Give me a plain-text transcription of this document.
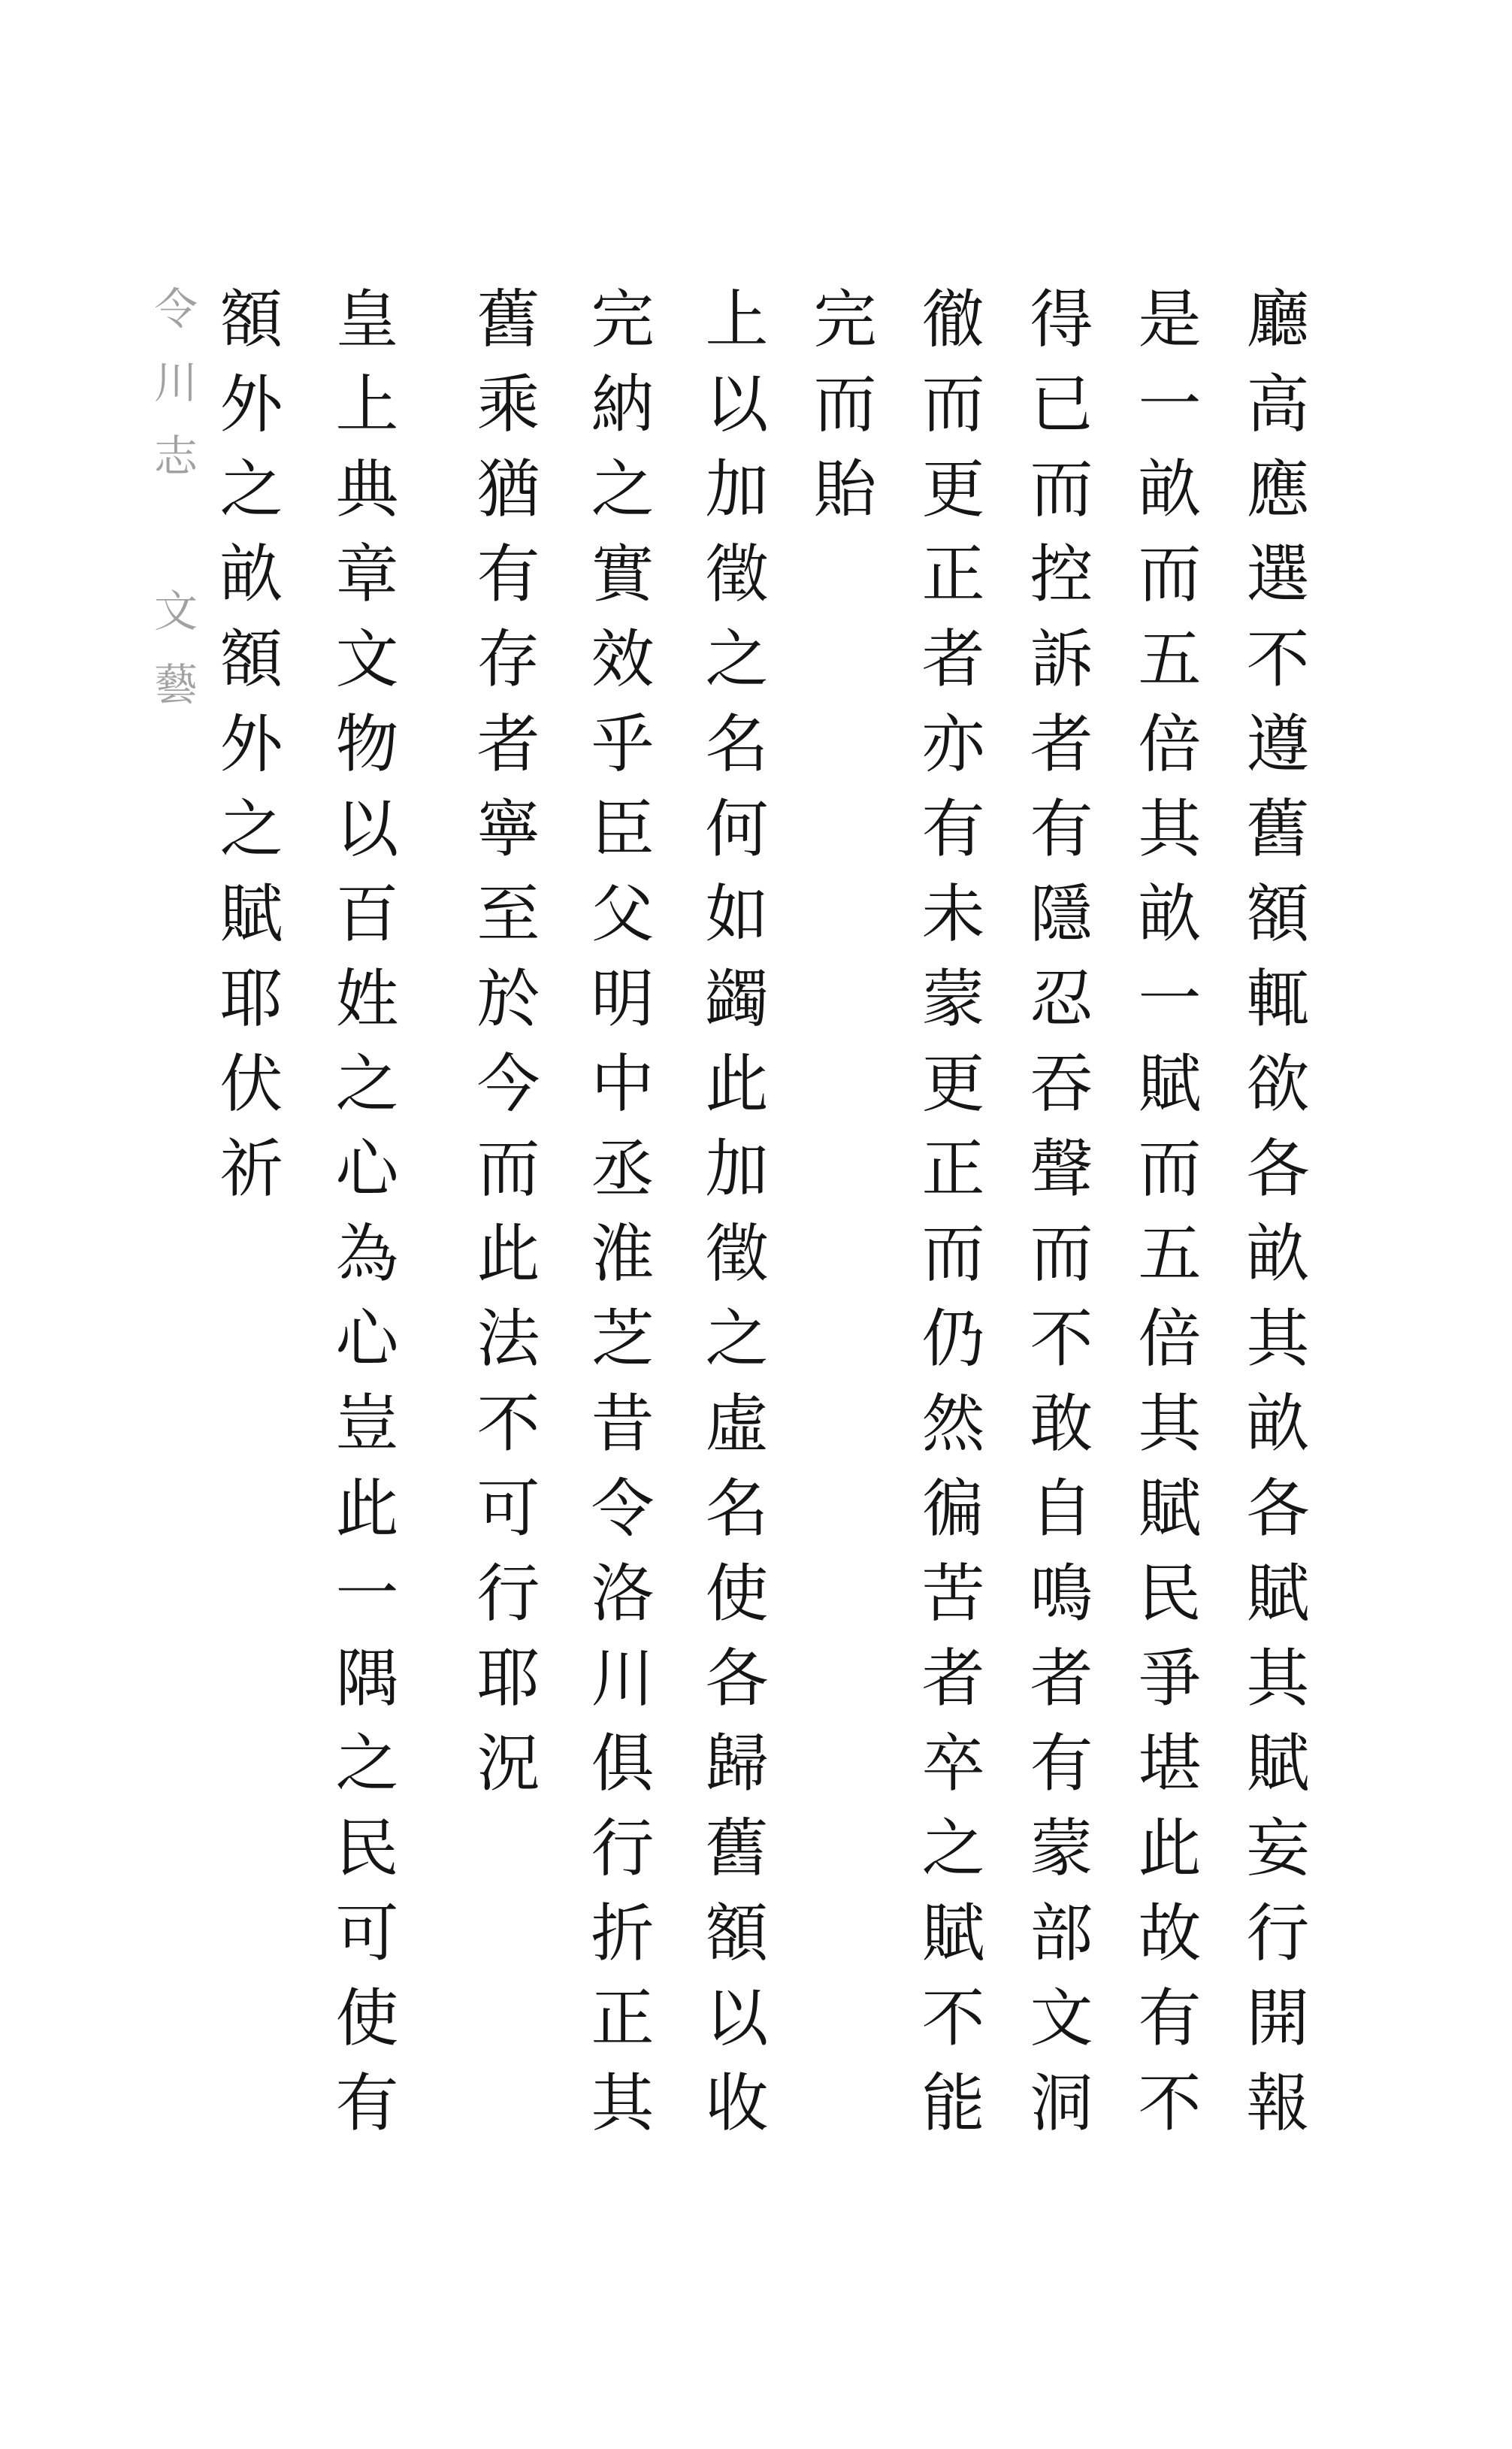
廳高應選不遵舊額輒欲各畝其畝各賦其賦妄行開報
是一畝而五倍其畝一賦而五倍其賦民爭堪此故有不
得已而控訴者有隱忍吞聲而不敢自鳴者有蒙部文洞
徹而更正者亦有未蒙更正而仍然徧苦者卒之賦不能
完而貽
上以加徵之名何如蠲此加徵之虛名使各歸舊額以收
完納之實效乎臣父明中丞淮芝昔令洛川俱行折正其
舊乘猶有存者寧至於今而此法不可行耶況
皇上典章文物以百姓之心為心豈此一隅之民可使有
額外之畝額外之賦耶伏祈
令川志 文藝
